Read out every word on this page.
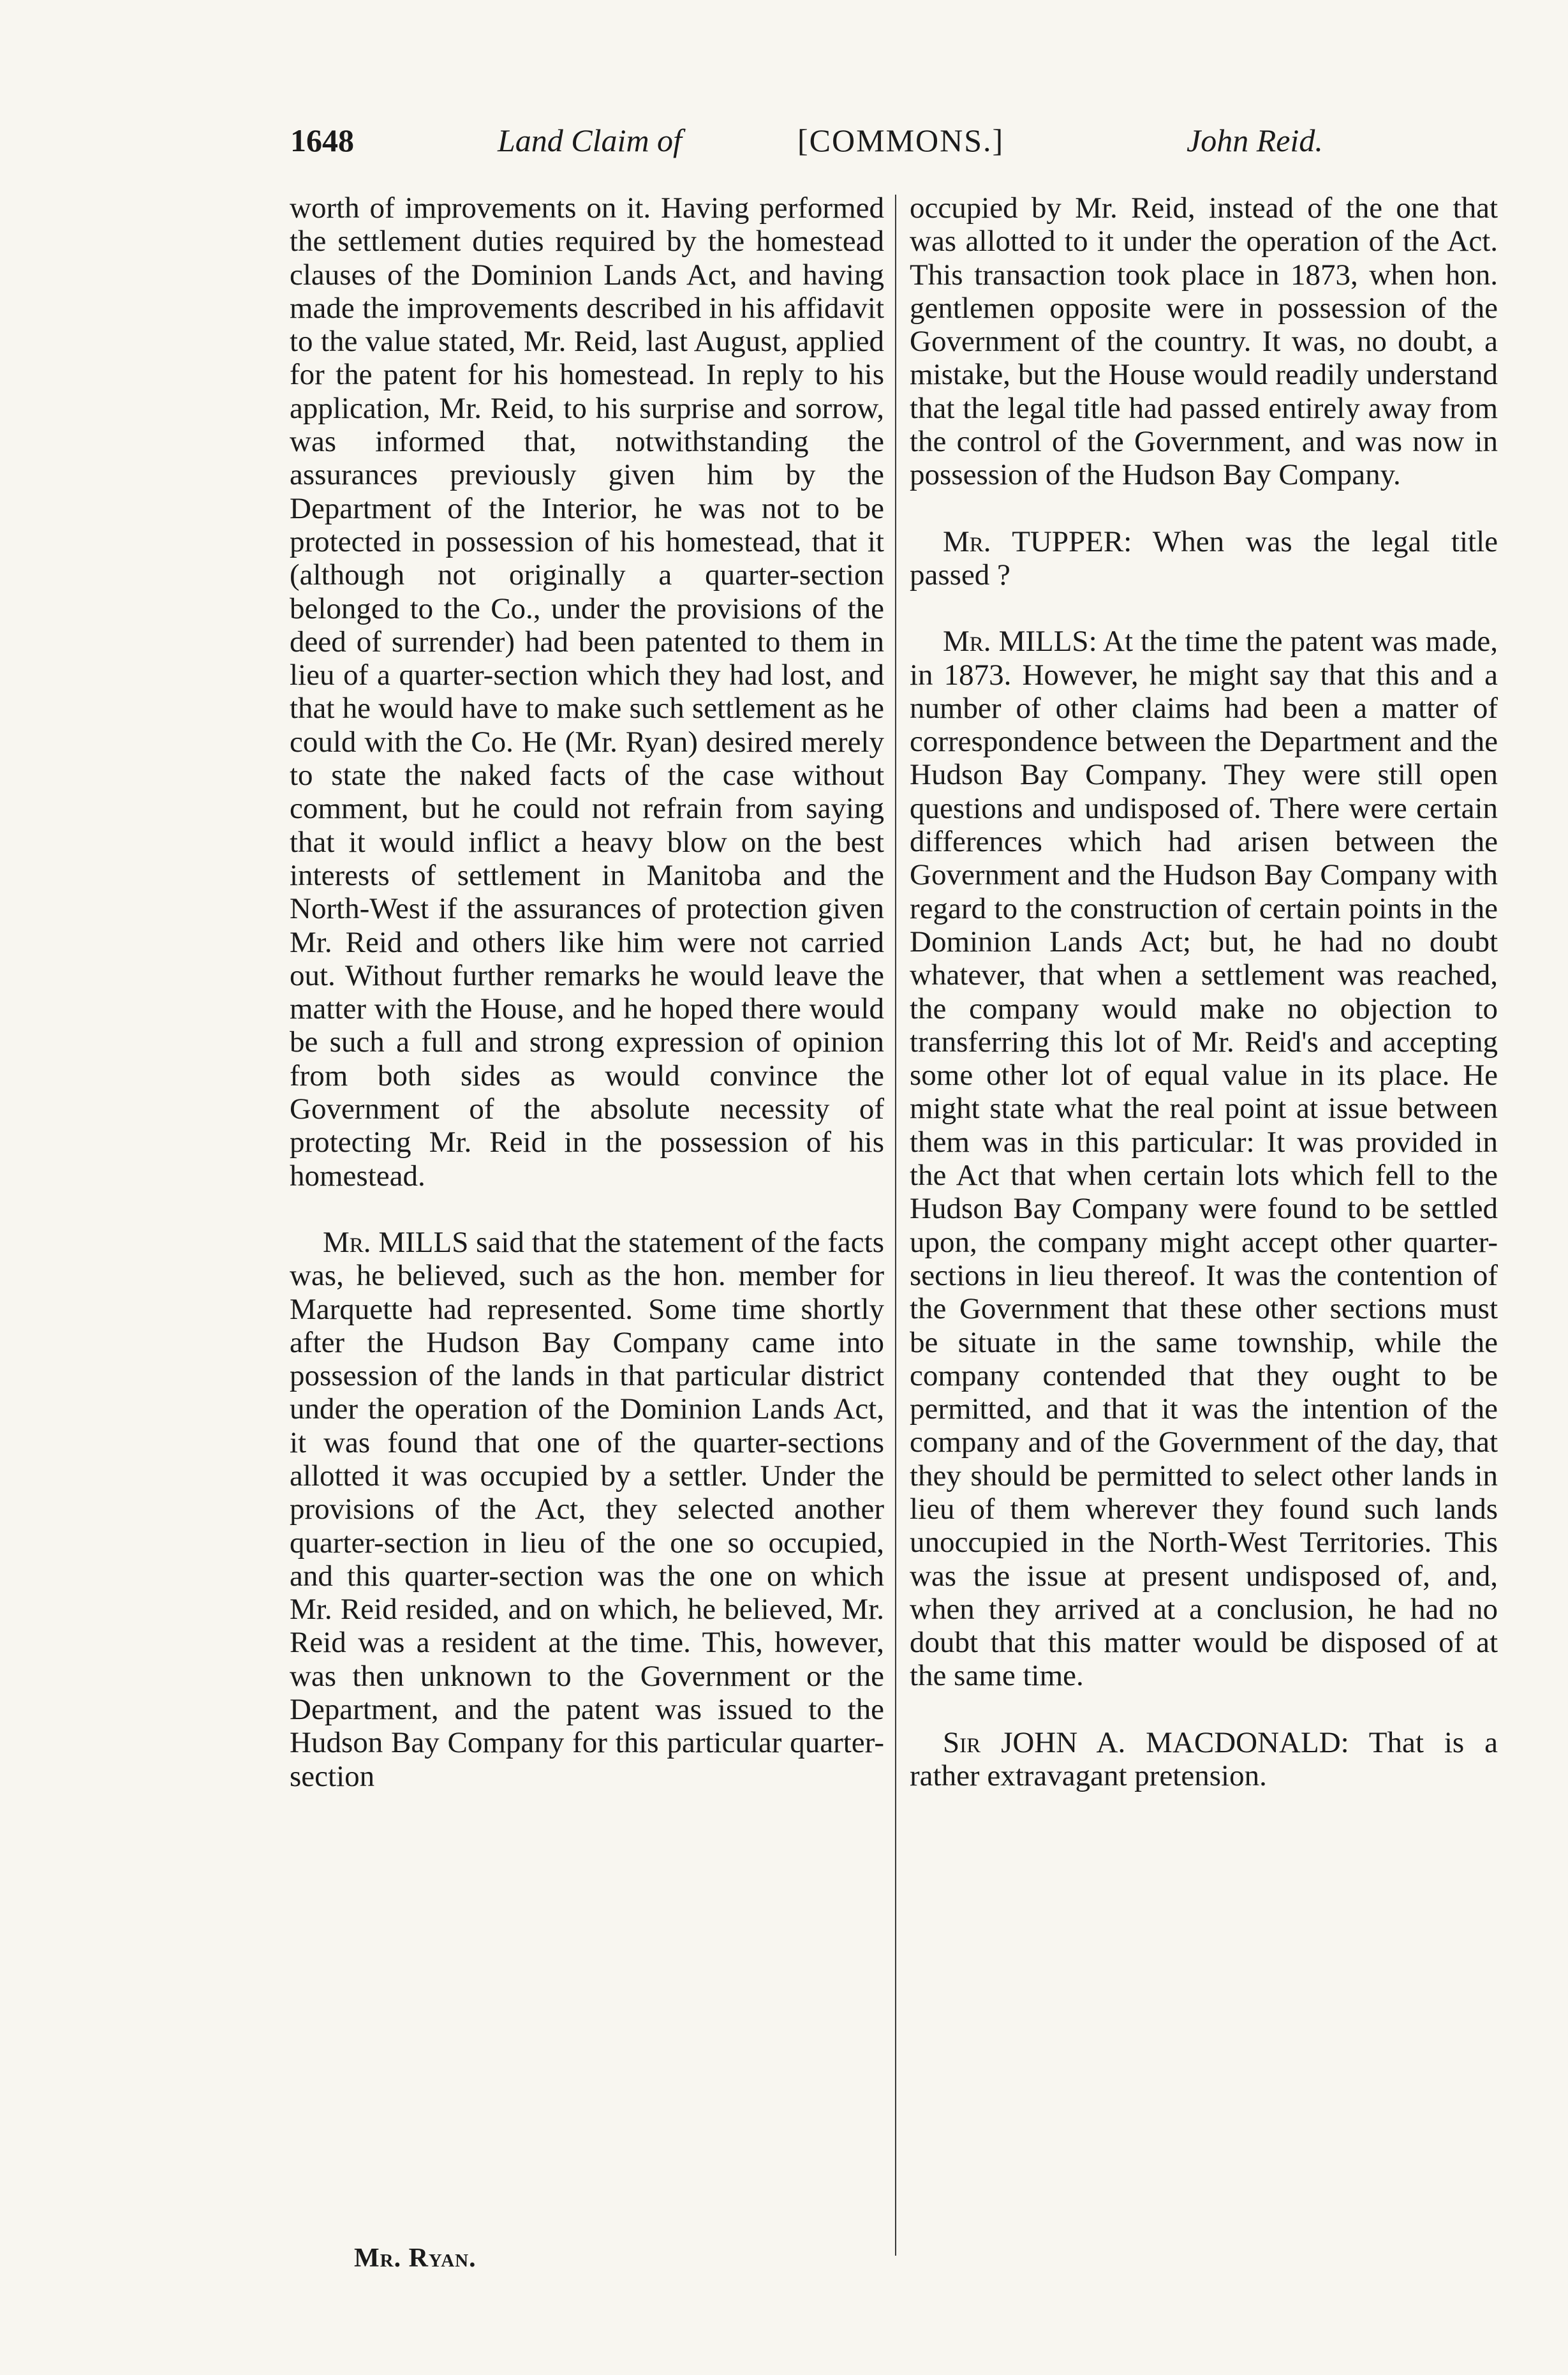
1648	Land Claim of	[COMMONS.]	John Reid.

worth of improvements on it. Having performed the settlement duties required by the homestead clauses of the Dominion Lands Act, and having made the improvements described in his affidavit to the value stated, Mr. Reid, last August, applied for the patent for his homestead. In reply to his application, Mr. Reid, to his surprise and sorrow, was informed that, notwithstanding the assurances previously given him by the Department of the Interior, he was not to be protected in possession of his homestead, that it (although not originally a quarter-section belonged to the Co., under the provisions of the deed of surrender) had been patented to them in lieu of a quarter-section which they had lost, and that he would have to make such settlement as he could with the Co. He (Mr. Ryan) desired merely to state the naked facts of the case without comment, but he could not refrain from saying that it would inflict a heavy blow on the best interests of settlement in Manitoba and the North-West if the assurances of protection given Mr. Reid and others like him were not carried out. Without further remarks he would leave the matter with the House, and he hoped there would be such a full and strong expression of opinion from both sides as would convince the Government of the absolute necessity of protecting Mr. Reid in the possession of his homestead.

Mr. MILLS said that the statement of the facts was, he believed, such as the hon. member for Marquette had represented. Some time shortly after the Hudson Bay Company came into possession of the lands in that particular district under the operation of the Dominion Lands Act, it was found that one of the quarter-sections allotted it was occupied by a settler. Under the provisions of the Act, they selected another quarter-section in lieu of the one so occupied, and this quarter-section was the one on which Mr. Reid resided, and on which, he believed, Mr. Reid was a resident at the time. This, however, was then unknown to the Government or the Department, and the patent was issued to the Hudson Bay Company for this particular quarter-section

occupied by Mr. Reid, instead of the one that was allotted to it under the operation of the Act. This transaction took place in 1873, when hon. gentlemen opposite were in possession of the Government of the country. It was, no doubt, a mistake, but the House would readily understand that the legal title had passed entirely away from the control of the Government, and was now in possession of the Hudson Bay Company.

Mr. TUPPER: When was the legal title passed ?

Mr. MILLS: At the time the patent was made, in 1873. However, he might say that this and a number of other claims had been a matter of correspondence between the Department and the Hudson Bay Company. They were still open questions and undisposed of. There were certain differences which had arisen between the Government and the Hudson Bay Company with regard to the construction of certain points in the Dominion Lands Act; but, he had no doubt whatever, that when a settlement was reached, the company would make no objection to transferring this lot of Mr. Reid's and accepting some other lot of equal value in its place. He might state what the real point at issue between them was in this particular: It was provided in the Act that when certain lots which fell to the Hudson Bay Company were found to be settled upon, the company might accept other quarter-sections in lieu thereof. It was the contention of the Government that these other sections must be situate in the same township, while the company contended that they ought to be permitted, and that it was the intention of the company and of the Government of the day, that they should be permitted to select other lands in lieu of them wherever they found such lands unoccupied in the North-West Territories. This was the issue at present undisposed of, and, when they arrived at a conclusion, he had no doubt that this matter would be disposed of at the same time.

Sir JOHN A. MACDONALD: That is a rather extravagant pretension.

Mr. Ryan.
